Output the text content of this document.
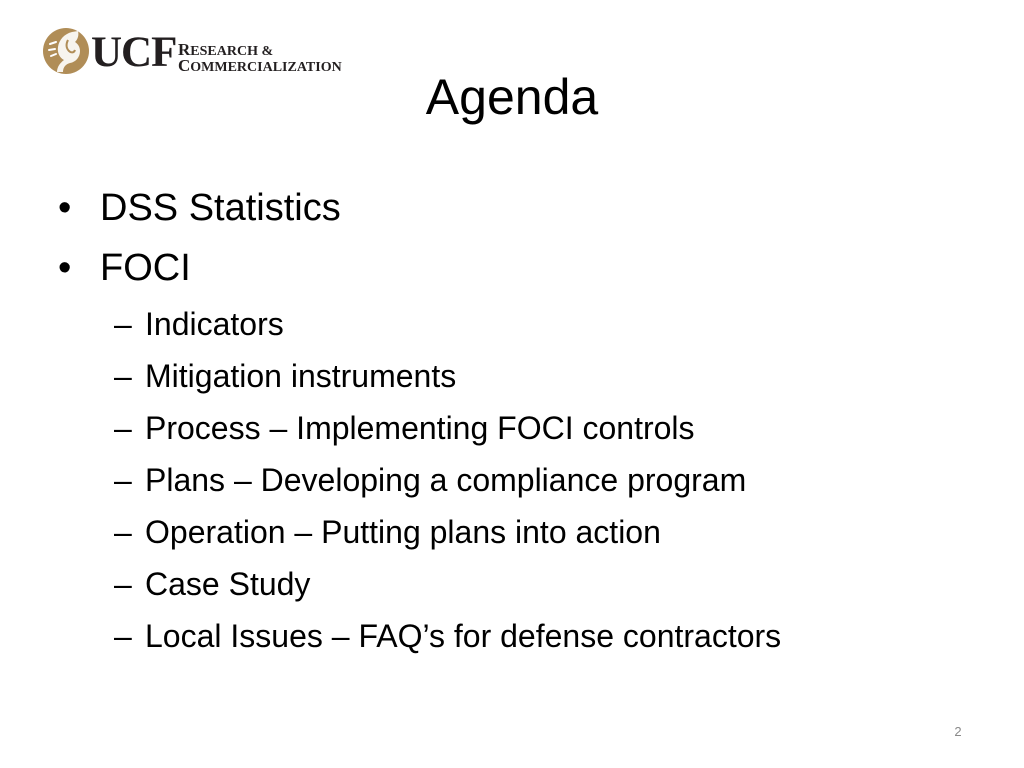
UCF RESEARCH &
COMMERCIALIZATION
Agenda
• DSS Statistics
• FOCI
– Indicators
– Mitigation instruments
– Process – Implementing FOCI controls
– Plans – Developing a compliance program
– Operation – Putting plans into action
– Case Study
– Local Issues – FAQ’s for defense contractors
2
